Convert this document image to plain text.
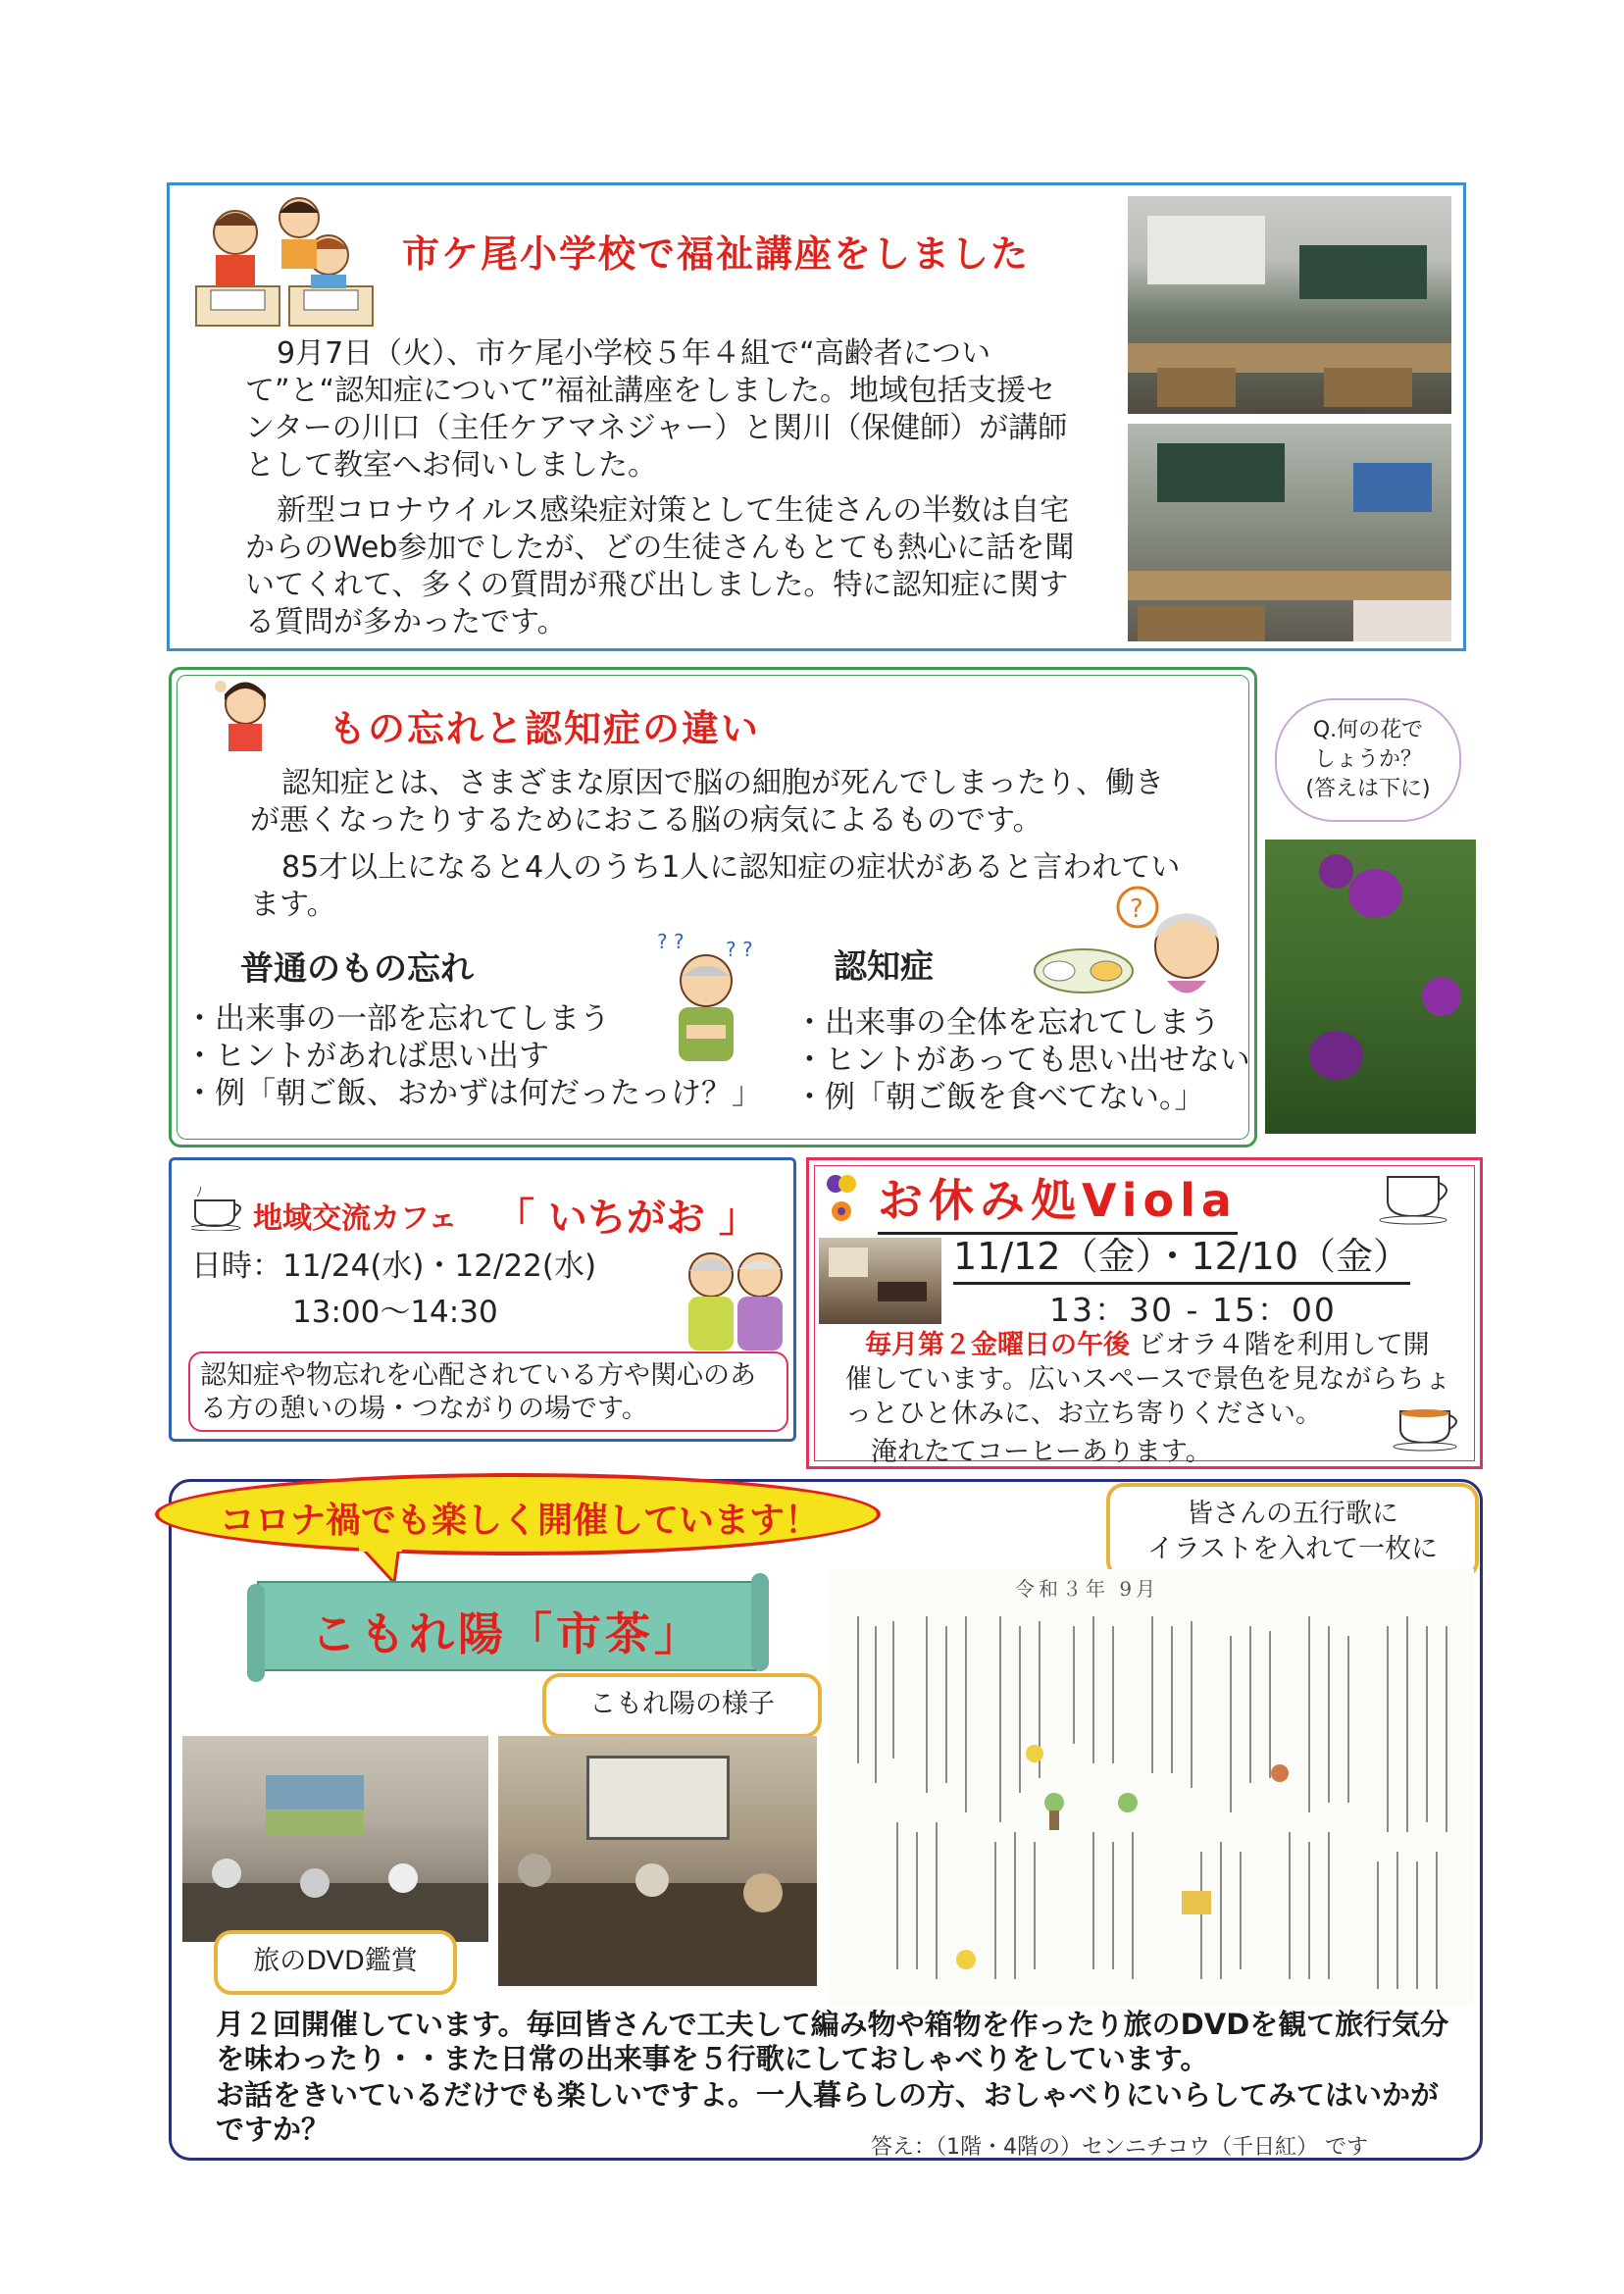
市ケ尾小学校で福祉講座をしました
9月7日（火）、市ケ尾小学校５年４組で“高齢者について”と“認知症について”福祉講座をしました。地域包括支援センターの川口（主任ケアマネジャー）と関川（保健師）が講師として教室へお伺いしました。
新型コロナウイルス感染症対策として生徒さんの半数は自宅からのWeb参加でしたが、どの生徒さんもとても熱心に話を聞いてくれて、多くの質問が飛び出しました。特に認知症に関する質問が多かったです。
もの忘れと認知症の違い
認知症とは、さまざまな原因で脳の細胞が死んでしまったり、働きが悪くなったりするためにおこる脳の病気によるものです。
85才以上になると4人のうち1人に認知症の症状があると言われています。
普通のもの忘れ	認知症
? ? ? ?
・出来事の一部を忘れてしまう
・ヒントがあれば思い出す
・例「朝ご飯、おかずは何だったっけ？」
?
・出来事の全体を忘れてしまう
・ヒントがあっても思い出せない
・例「朝ご飯を食べてない。」
Q.何の花で
しょうか？
(答えは下に)
地域交流カフェ 「 いちがお 」
日時：11/24(水)・12/22(水)
13:00～14:30
認知症や物忘れを心配されている方や関心のある方の憩いの場・つながりの場です。
お休み処Viola
11/12（金）・12/10（金）
13：30 - 15：00
毎月第２金曜日の午後 ビオラ４階を利用して開催しています。広いスペースで景色を見ながらちょっとひと休みに、お立ち寄りください。
淹れたてコーヒーあります。
コロナ禍でも楽しく開催しています！
こもれ陽「市茶」
皆さんの五行歌に
イラストを入れて一枚に
令和３年 9月
こもれ陽の様子
旅のDVD鑑賞
月２回開催しています。毎回皆さんで工夫して編み物や箱物を作ったり旅のDVDを観て旅行気分を味わったり・・また日常の出来事を５行歌にしておしゃべりをしています。
お話をきいているだけでも楽しいですよ。一人暮らしの方、おしゃべりにいらしてみてはいかがですか？
答え：（1階・4階の）センニチコウ（千日紅） です
